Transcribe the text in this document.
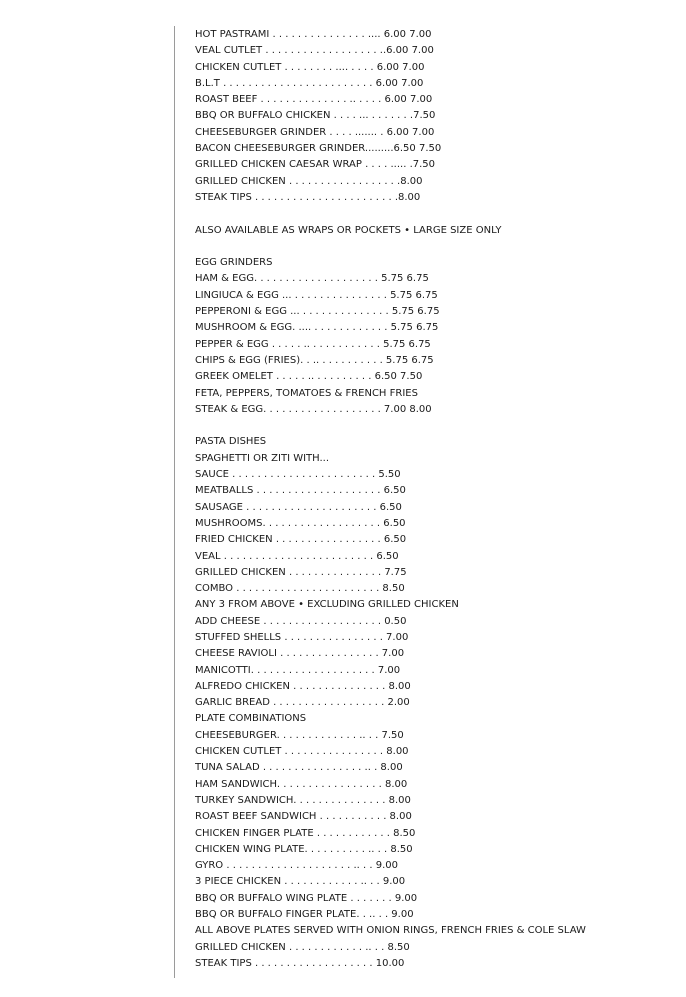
HOT PASTRAMI . . . . . . . . . . . . . . . .... 6.00 7.00
VEAL CUTLET . . . . . . . . . . . . . . . . . . ..6.00 7.00
CHICKEN CUTLET . . . . . . . . .... . . . . 6.00 7.00
B.L.T . . . . . . . . . . . . . . . . . . . . . . . . 6.00 7.00
ROAST BEEF . . . . . . . . . . . . . . .. . . . . 6.00 7.00
BBQ OR BUFFALO CHICKEN . . . . ... . . . . . . .7.50
CHEESEBURGER GRINDER . . . . ....... . 6.00 7.00
BACON CHEESEBURGER GRINDER.........6.50 7.50
GRILLED CHICKEN CAESAR WRAP . . . . ..... .7.50
GRILLED CHICKEN . . . . . . . . . . . . . . . . . .8.00
STEAK TIPS . . . . . . . . . . . . . . . . . . . . . . .8.00
ALSO AVAILABLE AS WRAPS OR POCKETS • LARGE SIZE ONLY
EGG GRINDERS
HAM & EGG. . . . . . . . . . . . . . . . . . . . 5.75 6.75
LINGIUCA & EGG ... . . . . . . . . . . . . . . . 5.75 6.75
PEPPERONI & EGG ... . . . . . . . . . . . . . . 5.75 6.75
MUSHROOM & EGG. .... . . . . . . . . . . . . 5.75 6.75
PEPPER & EGG . . . . . .. . . . . . . . . . . . 5.75 6.75
CHIPS & EGG (FRIES). . .. . . . . . . . . . . 5.75 6.75
GREEK OMELET . . . . . .. . . . . . . . . . 6.50 7.50
FETA, PEPPERS, TOMATOES & FRENCH FRIES
STEAK & EGG. . . . . . . . . . . . . . . . . . . 7.00 8.00
PASTA DISHES
SPAGHETTI OR ZITI WITH...
SAUCE . . . . . . . . . . . . . . . . . . . . . . . 5.50
MEATBALLS . . . . . . . . . . . . . . . . . . . . 6.50
SAUSAGE . . . . . . . . . . . . . . . . . . . . . 6.50
MUSHROOMS. . . . . . . . . . . . . . . . . . . 6.50
FRIED CHICKEN . . . . . . . . . . . . . . . . . 6.50
VEAL . . . . . . . . . . . . . . . . . . . . . . . . 6.50
GRILLED CHICKEN . . . . . . . . . . . . . . . 7.75
COMBO . . . . . . . . . . . . . . . . . . . . . . . 8.50
ANY 3 FROM ABOVE • EXCLUDING GRILLED CHICKEN
ADD CHEESE . . . . . . . . . . . . . . . . . . . 0.50
STUFFED SHELLS . . . . . . . . . . . . . . . . 7.00
CHEESE RAVIOLI . . . . . . . . . . . . . . . . 7.00
MANICOTTI. . . . . . . . . . . . . . . . . . . . 7.00
ALFREDO CHICKEN . . . . . . . . . . . . . . . 8.00
GARLIC BREAD . . . . . . . . . . . . . . . . . . 2.00
PLATE COMBINATIONS
CHEESEBURGER. . . . . . . . . . . . . .. . . 7.50
CHICKEN CUTLET . . . . . . . . . . . . . . . . 8.00
TUNA SALAD . . . . . . . . . . . . . . . . .. . 8.00
HAM SANDWICH. . . . . . . . . . . . . . . . . 8.00
TURKEY SANDWICH. . . . . . . . . . . . . . . 8.00
ROAST BEEF SANDWICH . . . . . . . . . . . 8.00
CHICKEN FINGER PLATE . . . . . . . . . . . . 8.50
CHICKEN WING PLATE. . . . . . . . . . .. . . 8.50
GYRO . . . . . . . . . . . . . . . . . . . . .. . . 9.00
3 PIECE CHICKEN . . . . . . . . . . . . .. . . 9.00
BBQ OR BUFFALO WING PLATE . . . . . . . 9.00
BBQ OR BUFFALO FINGER PLATE. . .. . . 9.00
ALL ABOVE PLATES SERVED WITH ONION RINGS, FRENCH FRIES & COLE SLAW
GRILLED CHICKEN . . . . . . . . . . . . .. . . 8.50
STEAK TIPS . . . . . . . . . . . . . . . . . . . 10.00
